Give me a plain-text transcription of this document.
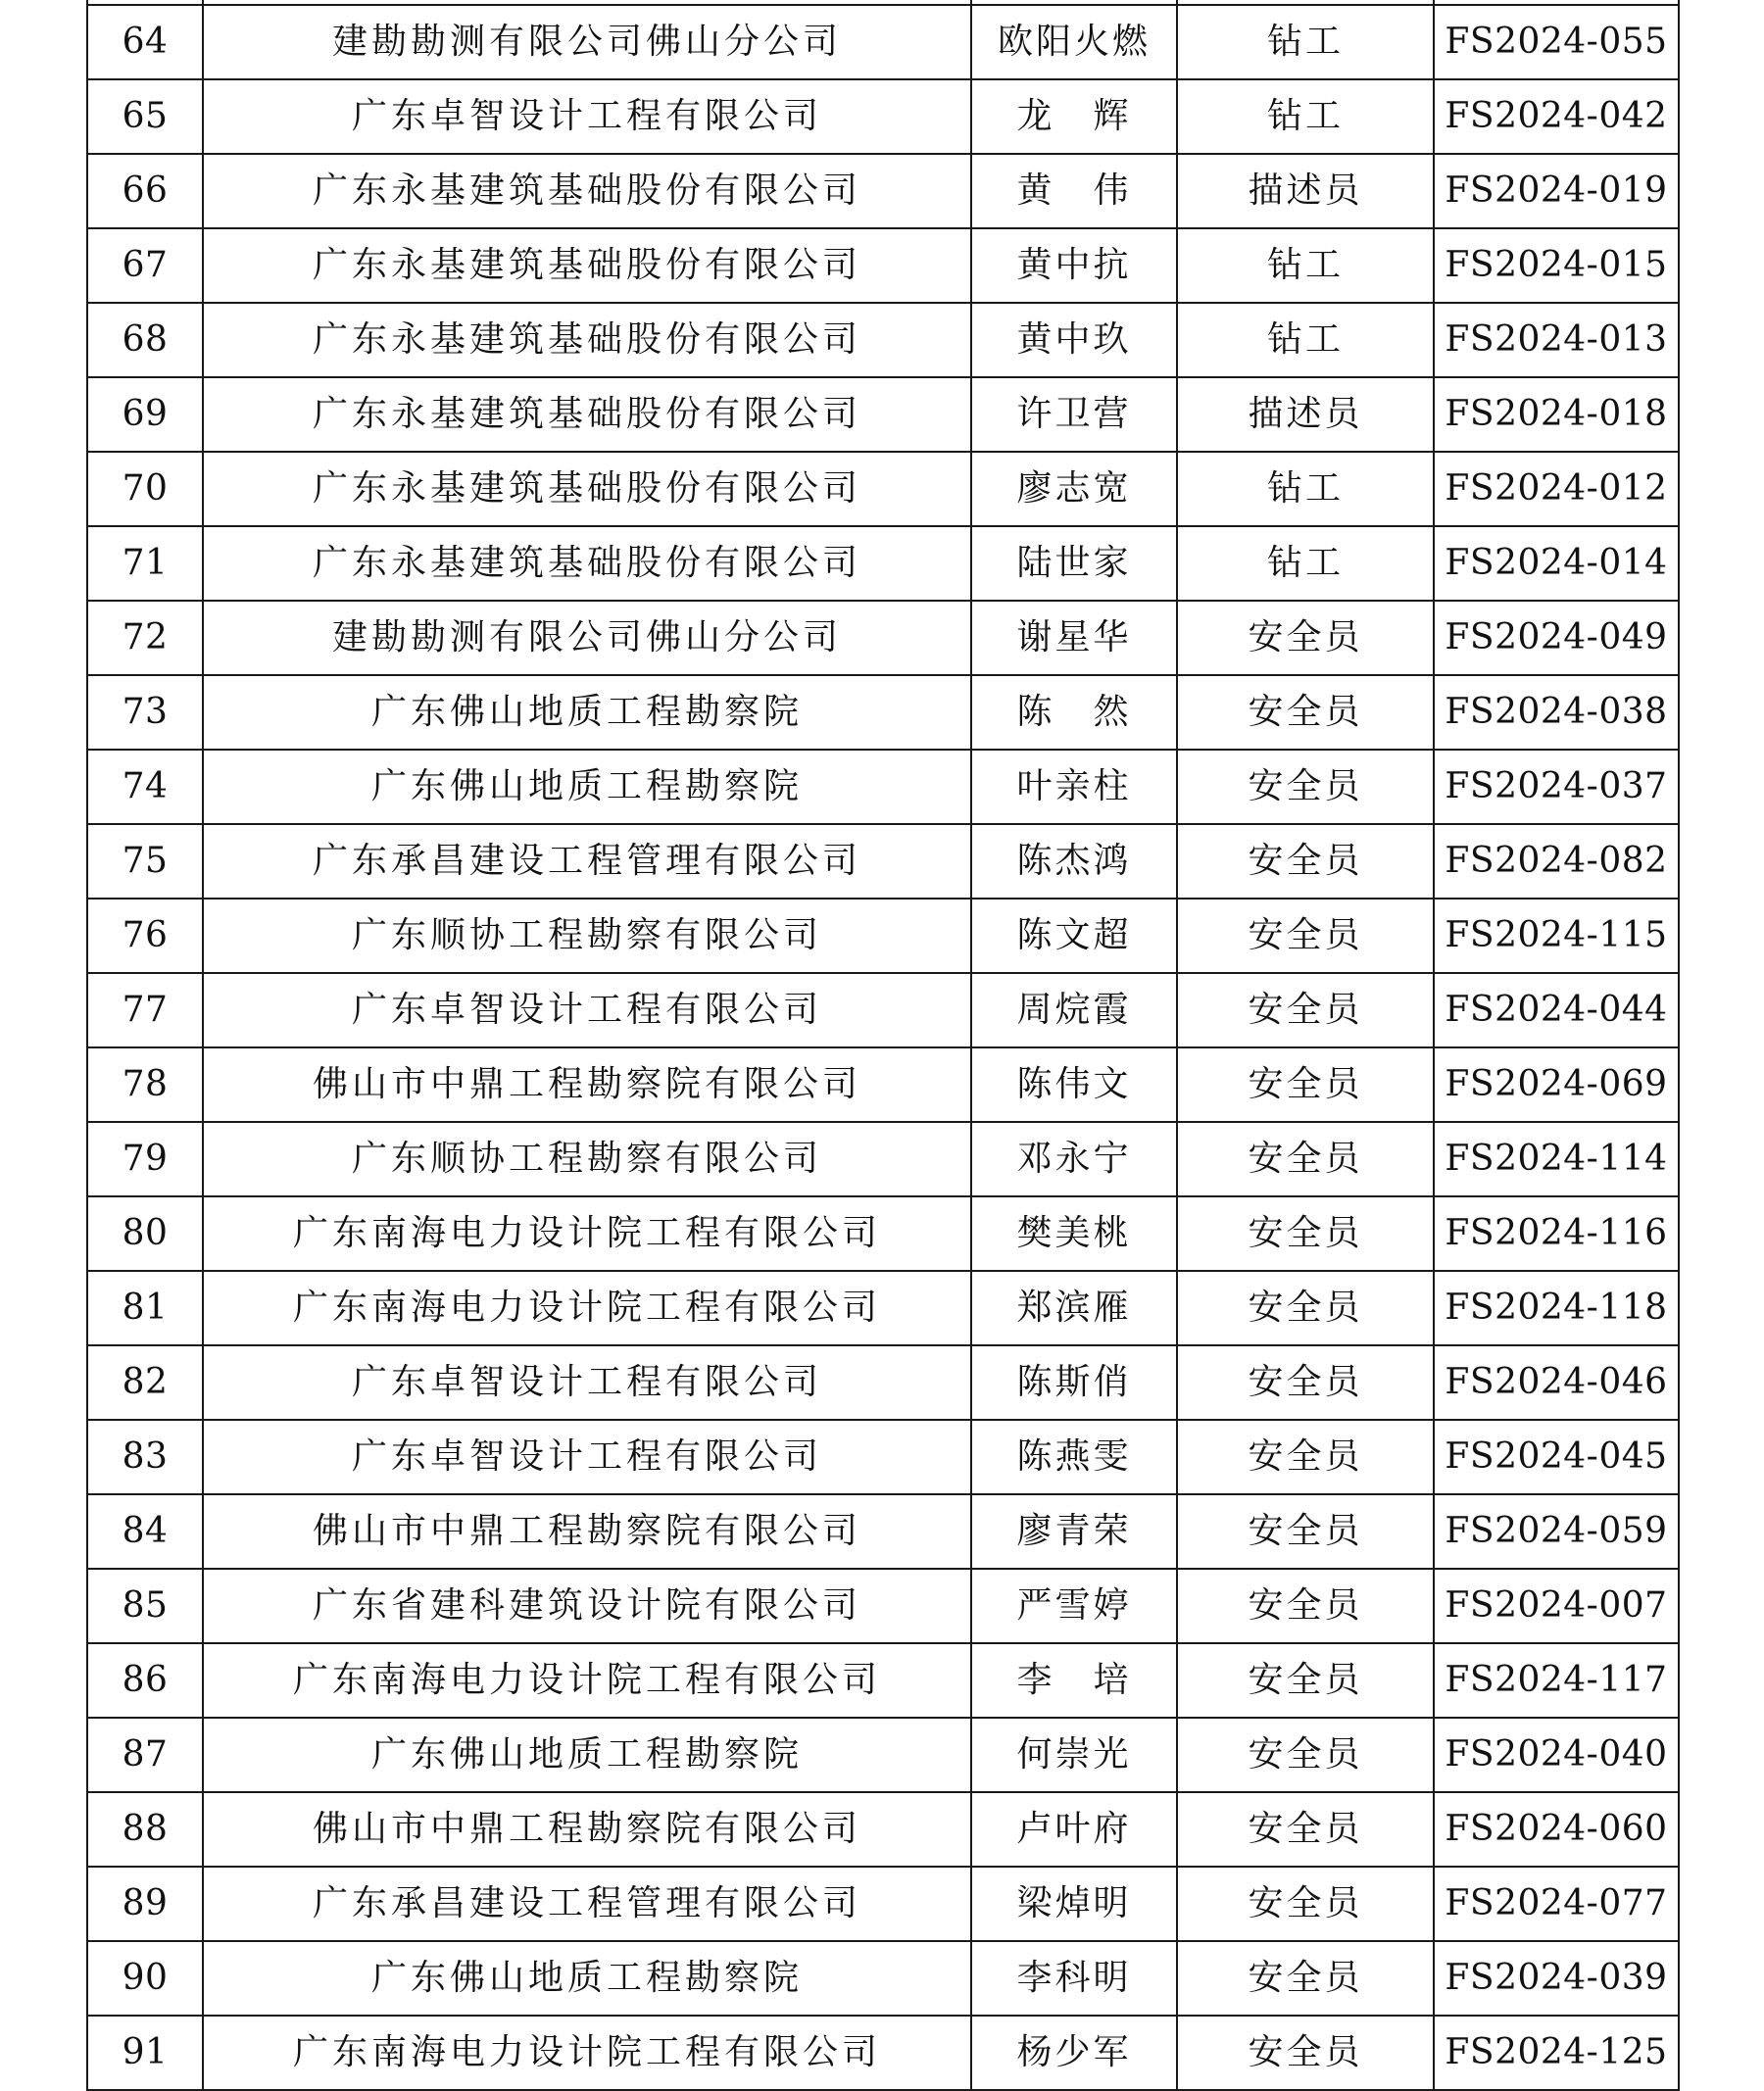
64	建勘勘测有限公司佛山分公司	欧阳火燃	钻工	FS2024-055
65	广东卓智设计工程有限公司	龙　辉	钻工	FS2024-042
66	广东永基建筑基础股份有限公司	黄　伟	描述员	FS2024-019
67	广东永基建筑基础股份有限公司	黄中抗	钻工	FS2024-015
68	广东永基建筑基础股份有限公司	黄中玖	钻工	FS2024-013
69	广东永基建筑基础股份有限公司	许卫营	描述员	FS2024-018
70	广东永基建筑基础股份有限公司	廖志宽	钻工	FS2024-012
71	广东永基建筑基础股份有限公司	陆世家	钻工	FS2024-014
72	建勘勘测有限公司佛山分公司	谢星华	安全员	FS2024-049
73	广东佛山地质工程勘察院	陈　然	安全员	FS2024-038
74	广东佛山地质工程勘察院	叶亲柱	安全员	FS2024-037
75	广东承昌建设工程管理有限公司	陈杰鸿	安全员	FS2024-082
76	广东顺协工程勘察有限公司	陈文超	安全员	FS2024-115
77	广东卓智设计工程有限公司	周烷霞	安全员	FS2024-044
78	佛山市中鼎工程勘察院有限公司	陈伟文	安全员	FS2024-069
79	广东顺协工程勘察有限公司	邓永宁	安全员	FS2024-114
80	广东南海电力设计院工程有限公司	樊美桃	安全员	FS2024-116
81	广东南海电力设计院工程有限公司	郑滨雁	安全员	FS2024-118
82	广东卓智设计工程有限公司	陈斯俏	安全员	FS2024-046
83	广东卓智设计工程有限公司	陈燕雯	安全员	FS2024-045
84	佛山市中鼎工程勘察院有限公司	廖青荣	安全员	FS2024-059
85	广东省建科建筑设计院有限公司	严雪婷	安全员	FS2024-007
86	广东南海电力设计院工程有限公司	李　培	安全员	FS2024-117
87	广东佛山地质工程勘察院	何崇光	安全员	FS2024-040
88	佛山市中鼎工程勘察院有限公司	卢叶府	安全员	FS2024-060
89	广东承昌建设工程管理有限公司	梁焯明	安全员	FS2024-077
90	广东佛山地质工程勘察院	李科明	安全员	FS2024-039
91	广东南海电力设计院工程有限公司	杨少军	安全员	FS2024-125
